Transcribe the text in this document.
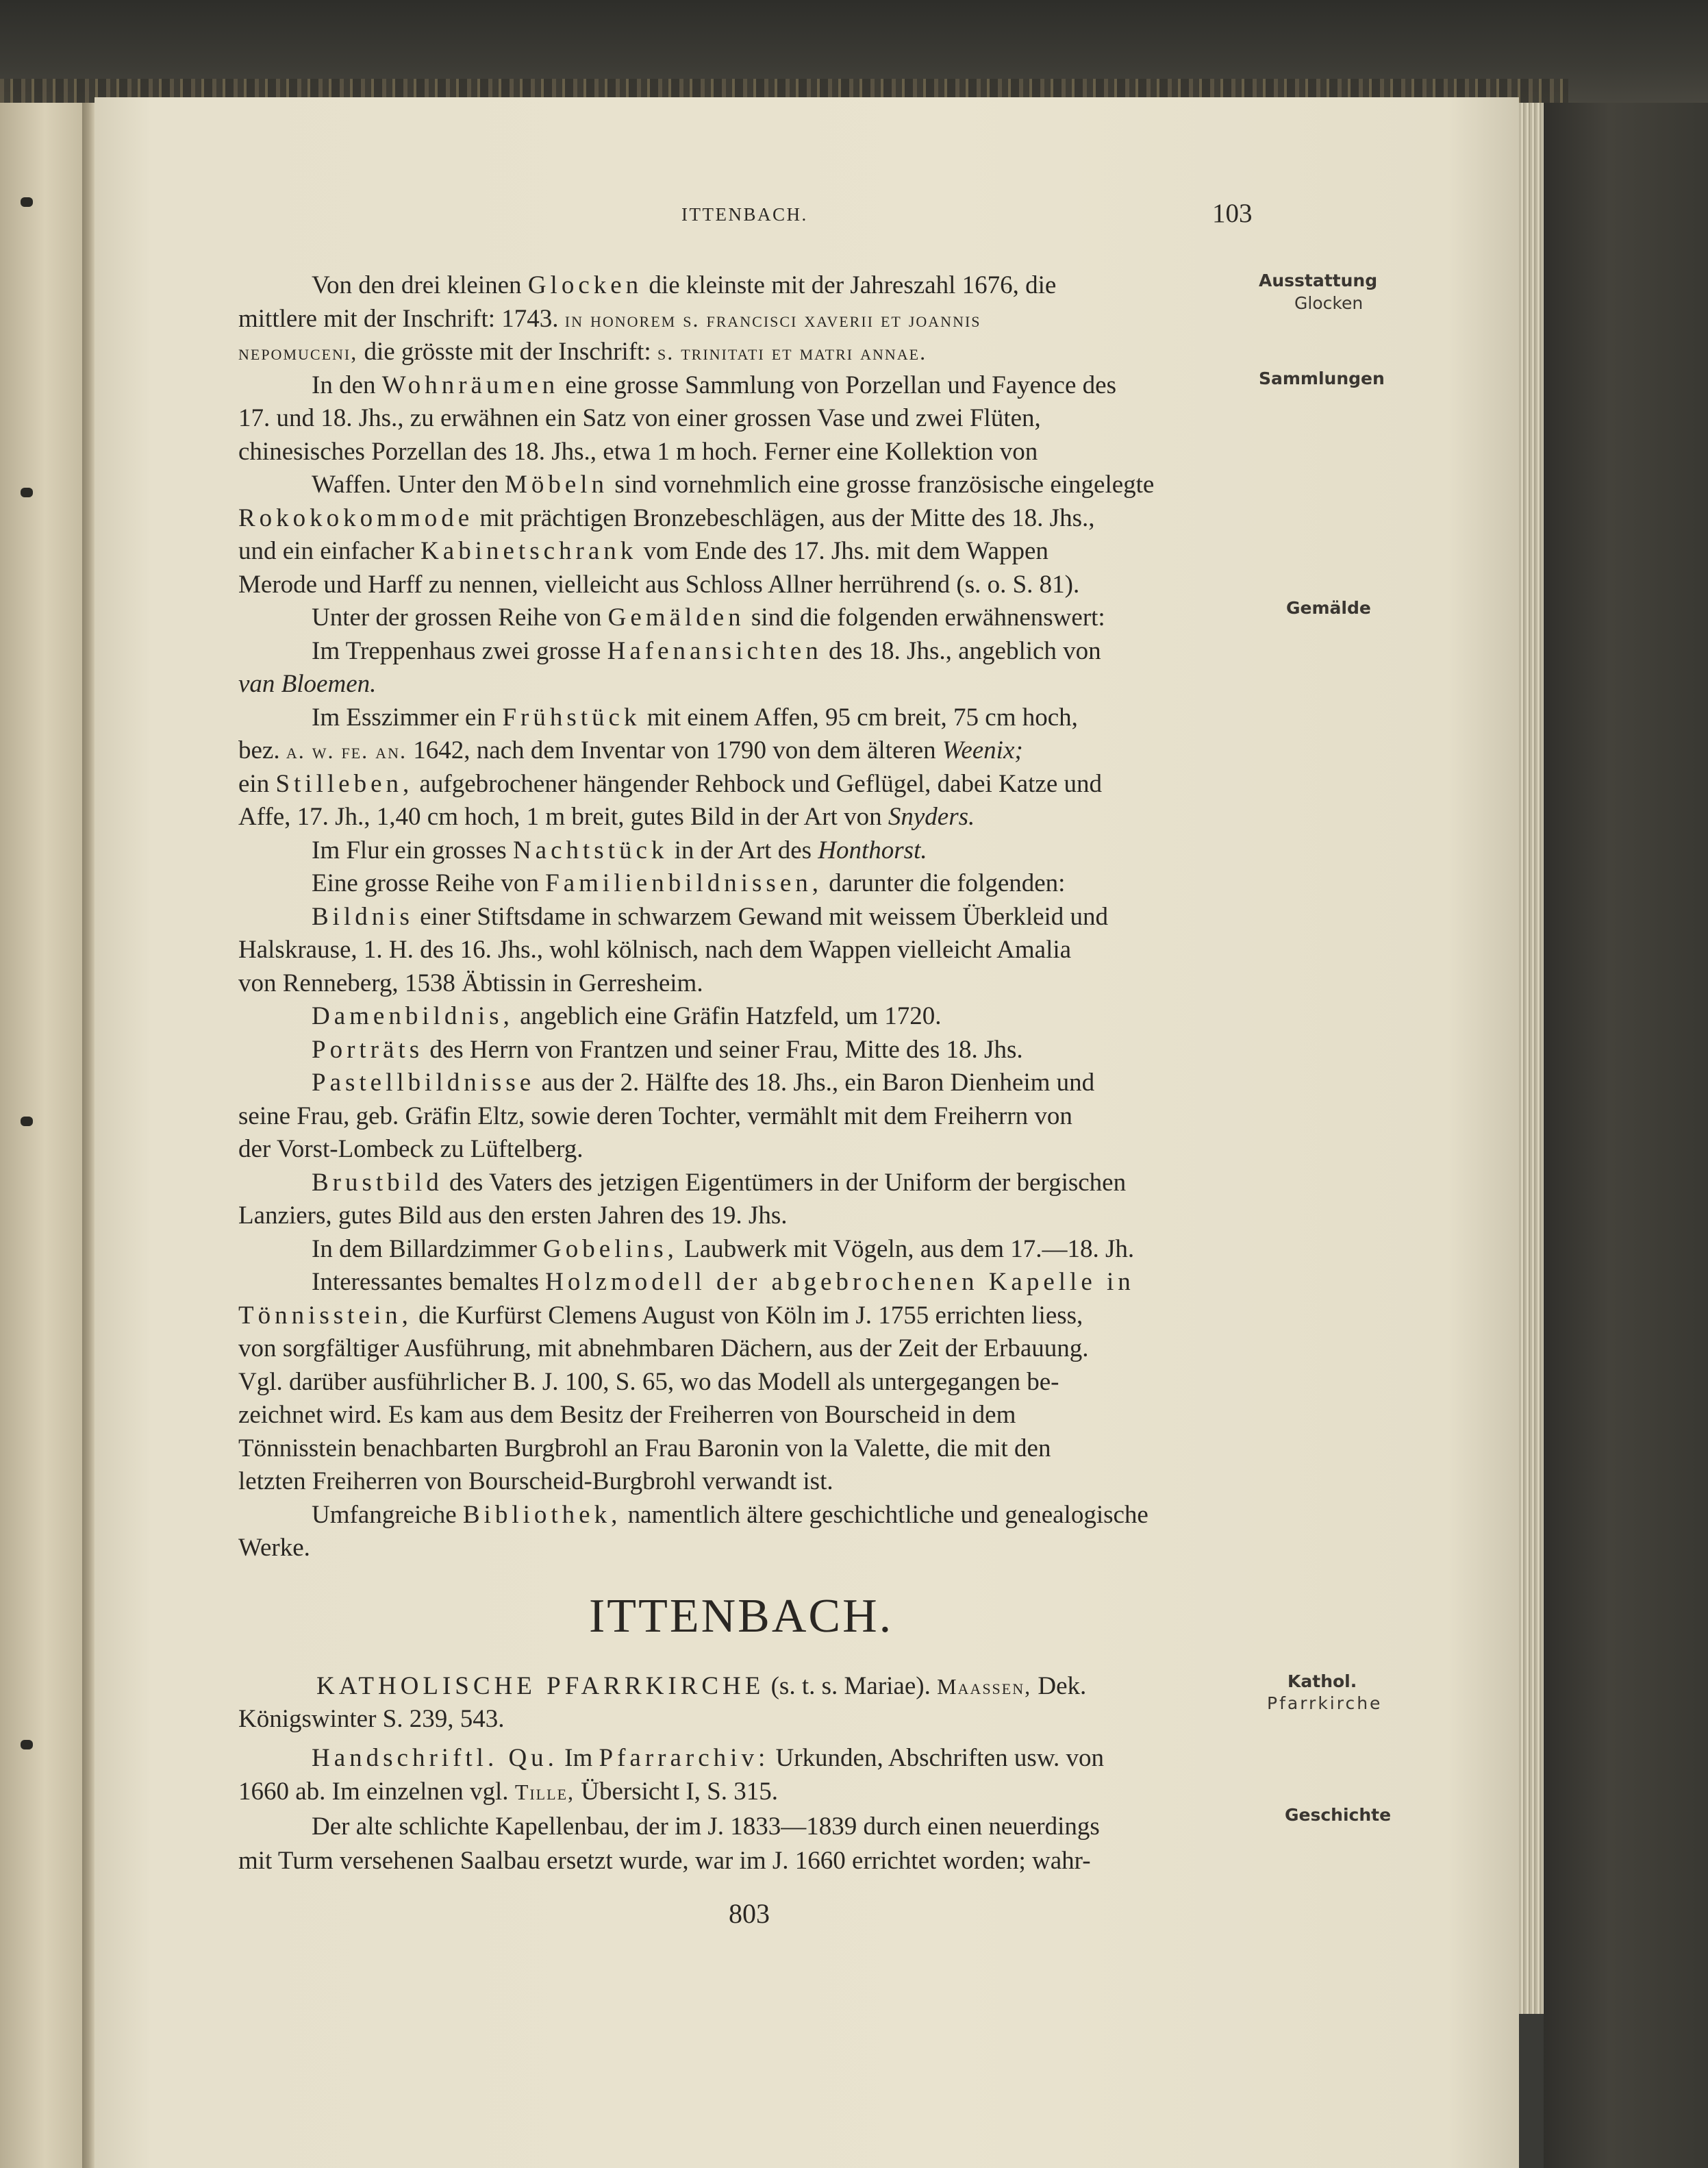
ITTENBACH.	103
Von den drei kleinen Glocken die kleinste mit der Jahreszahl 1676, die
mittlere mit der Inschrift: 1743. in honorem s. francisci xaverii et joannis
nepomuceni, die grösste mit der Inschrift: s. trinitati et matri annae.
In den Wohnräumen eine grosse Sammlung von Porzellan und Fayence des
17. und 18. Jhs., zu erwähnen ein Satz von einer grossen Vase und zwei Flüten,
chinesisches Porzellan des 18. Jhs., etwa 1 m hoch. Ferner eine Kollektion von
Waffen. Unter den Möbeln sind vornehmlich eine grosse französische eingelegte
Rokokokommode mit prächtigen Bronzebeschlägen, aus der Mitte des 18. Jhs.,
und ein einfacher Kabinetschrank vom Ende des 17. Jhs. mit dem Wappen
Merode und Harff zu nennen, vielleicht aus Schloss Allner herrührend (s. o. S. 81).
Unter der grossen Reihe von Gemälden sind die folgenden erwähnenswert:
Im Treppenhaus zwei grosse Hafenansichten des 18. Jhs., angeblich von
van Bloemen.
Im Esszimmer ein Frühstück mit einem Affen, 95 cm breit, 75 cm hoch,
bez. a. w. fe. an. 1642, nach dem Inventar von 1790 von dem älteren Weenix;
ein Stilleben, aufgebrochener hängender Rehbock und Geflügel, dabei Katze und
Affe, 17. Jh., 1,40 cm hoch, 1 m breit, gutes Bild in der Art von Snyders.
Im Flur ein grosses Nachtstück in der Art des Honthorst.
Eine grosse Reihe von Familienbildnissen, darunter die folgenden:
Bildnis einer Stiftsdame in schwarzem Gewand mit weissem Überkleid und
Halskrause, 1. H. des 16. Jhs., wohl kölnisch, nach dem Wappen vielleicht Amalia
von Renneberg, 1538 Äbtissin in Gerresheim.
Damenbildnis, angeblich eine Gräfin Hatzfeld, um 1720.
Porträts des Herrn von Frantzen und seiner Frau, Mitte des 18. Jhs.
Pastellbildnisse aus der 2. Hälfte des 18. Jhs., ein Baron Dienheim und
seine Frau, geb. Gräfin Eltz, sowie deren Tochter, vermählt mit dem Freiherrn von
der Vorst-Lombeck zu Lüftelberg.
Brustbild des Vaters des jetzigen Eigentümers in der Uniform der bergischen
Lanziers, gutes Bild aus den ersten Jahren des 19. Jhs.
In dem Billardzimmer Gobelins, Laubwerk mit Vögeln, aus dem 17.—18. Jh.
Interessantes bemaltes Holzmodell der abgebrochenen Kapelle in
Tönnisstein, die Kurfürst Clemens August von Köln im J. 1755 errichten liess,
von sorgfältiger Ausführung, mit abnehmbaren Dächern, aus der Zeit der Erbauung.
Vgl. darüber ausführlicher B. J. 100, S. 65, wo das Modell als untergegangen be-
zeichnet wird. Es kam aus dem Besitz der Freiherren von Bourscheid in dem
Tönnisstein benachbarten Burgbrohl an Frau Baronin von la Valette, die mit den
letzten Freiherren von Bourscheid-Burgbrohl verwandt ist.
Umfangreiche Bibliothek, namentlich ältere geschichtliche und genealogische
Werke.
KATHOLISCHE PFARRKIRCHE (s. t. s. Mariae). Maassen, Dek.
Königswinter S. 239, 543.
Handschriftl. Qu. Im Pfarrarchiv: Urkunden, Abschriften usw. von
1660 ab. Im einzelnen vgl. Tille, Übersicht I, S. 315.
Der alte schlichte Kapellenbau, der im J. 1833—1839 durch einen neuerdings
mit Turm versehenen Saalbau ersetzt wurde, war im J. 1660 errichtet worden; wahr-
ITTENBACH.
Ausstattung
Glocken
Sammlungen
Gemälde
Kathol.
Pfarrkirche
Geschichte
803
